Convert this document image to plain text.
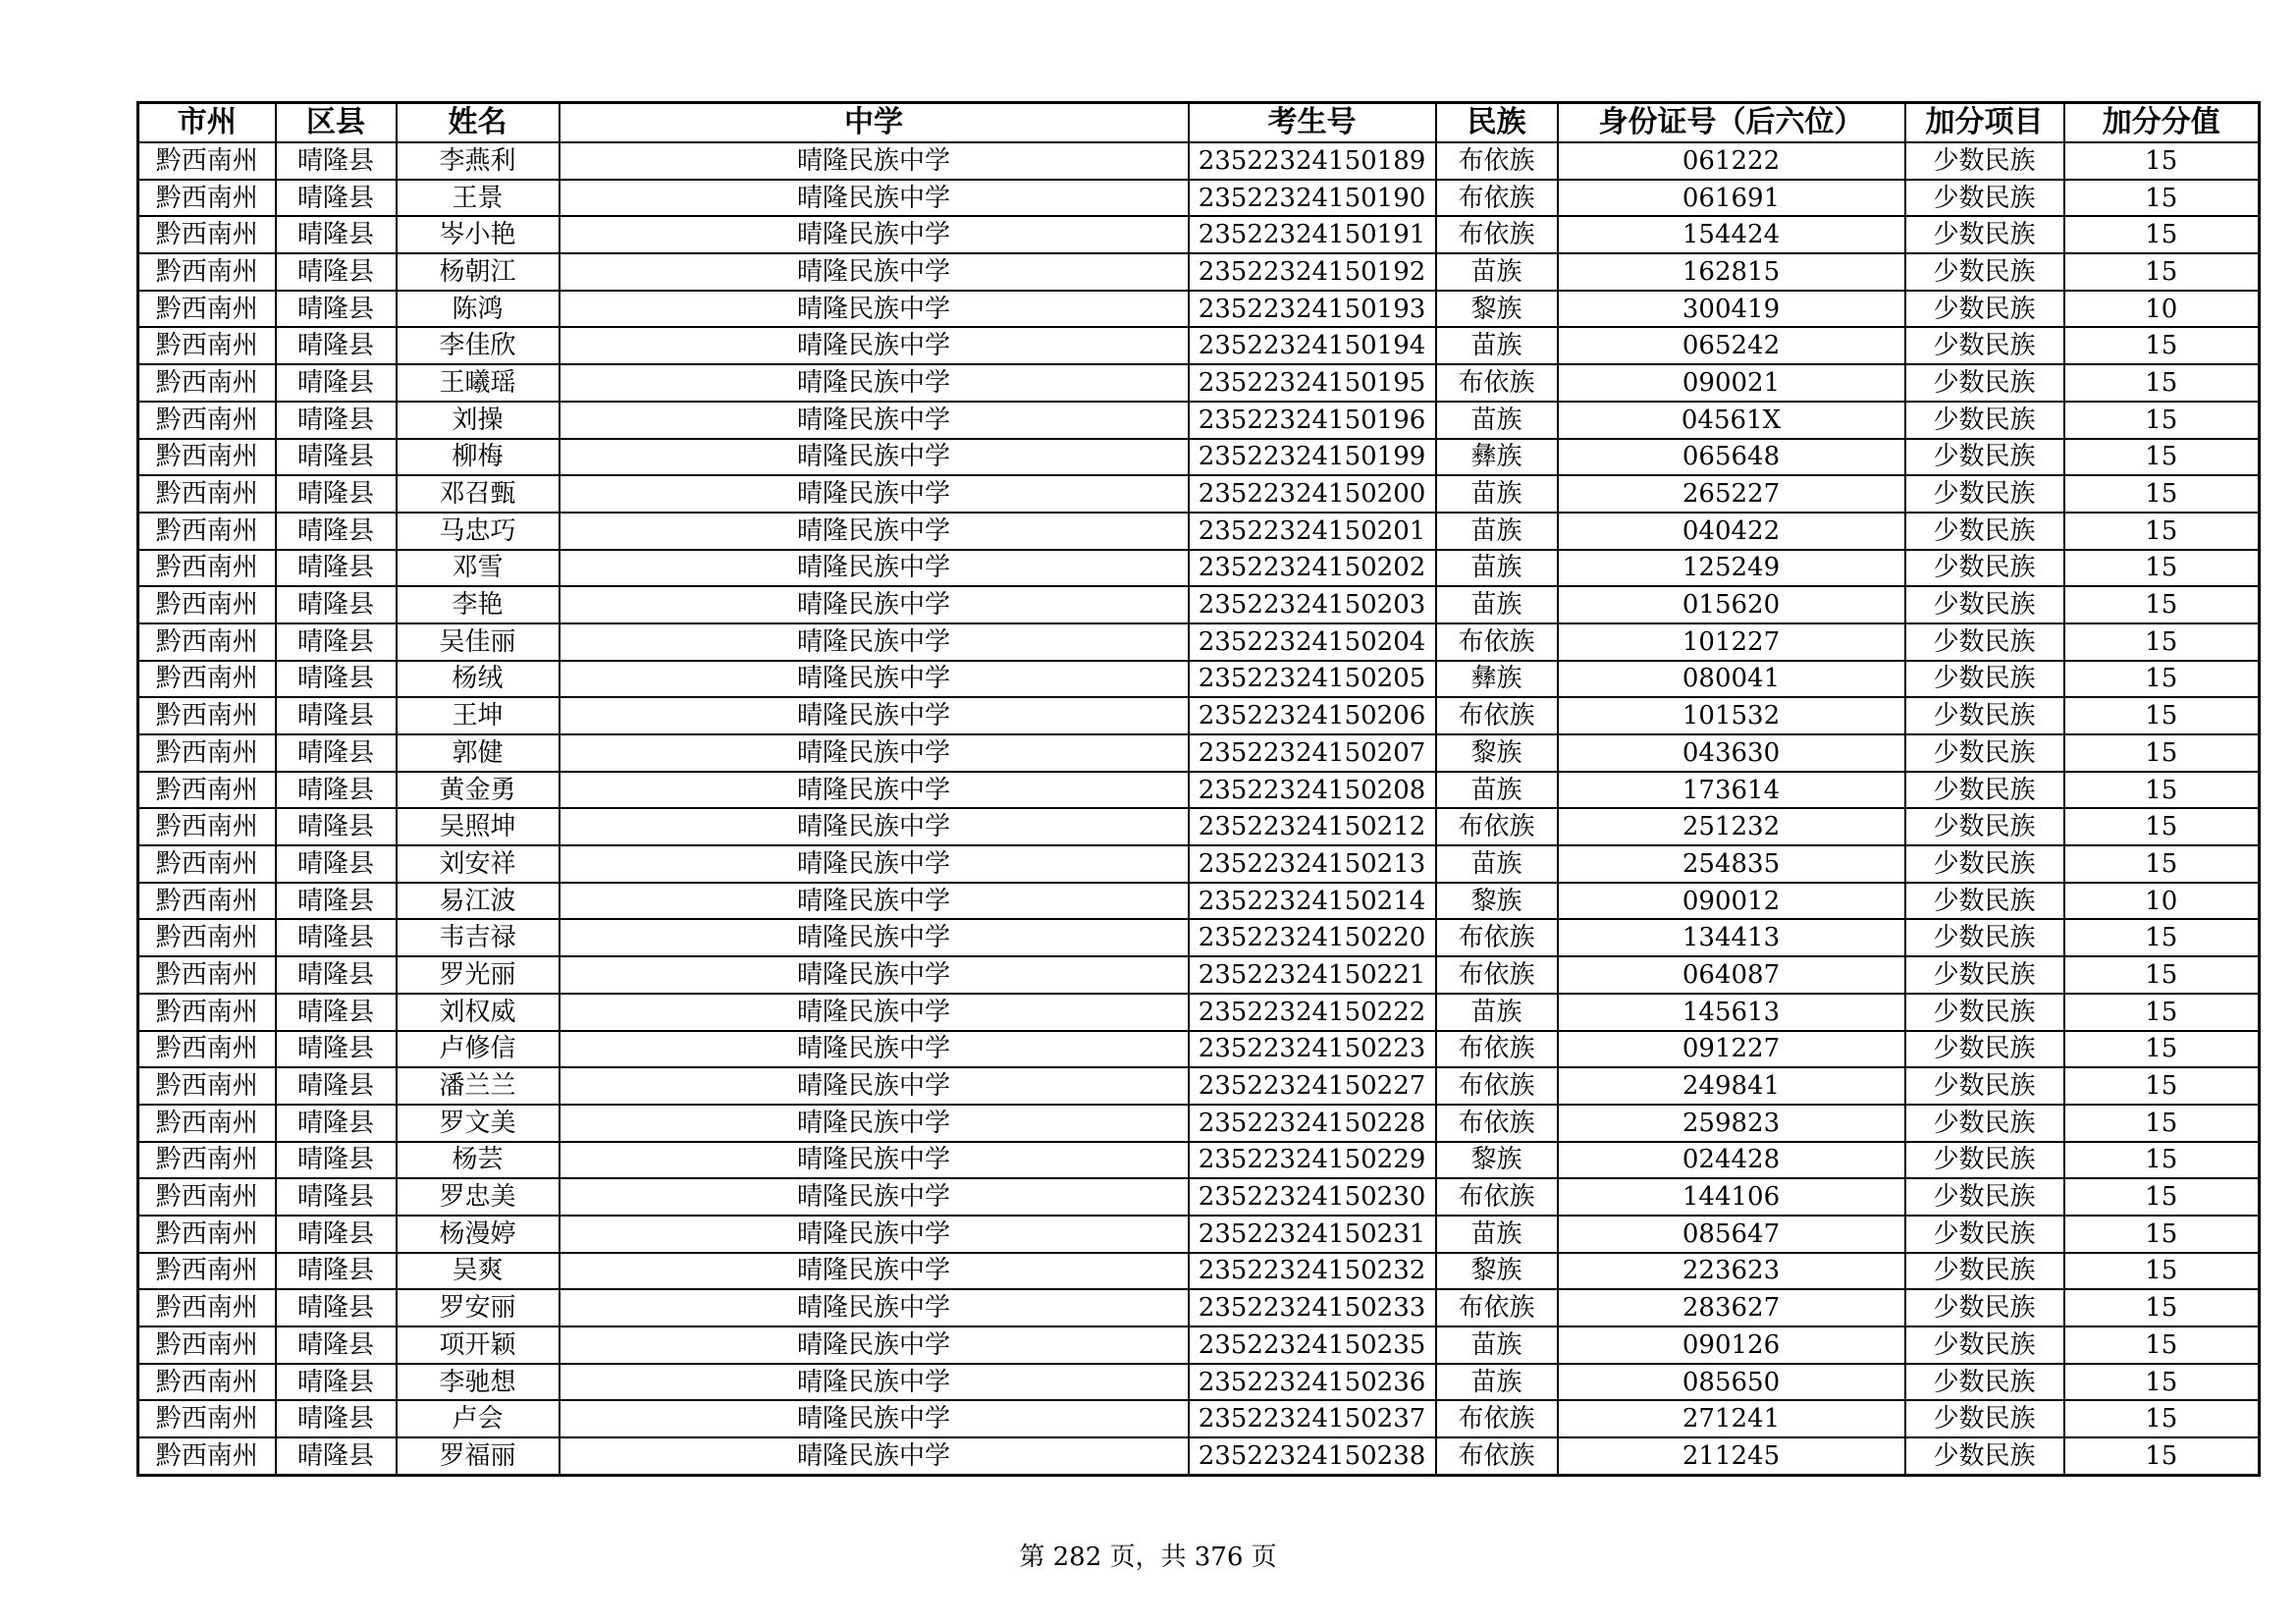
市州	区县	姓名	中学	考生号	民族	身份证号（后六位）	加分项目	加分分值
黔西南州	晴隆县	李燕利	晴隆民族中学	23522324150189	布依族	061222	少数民族	15
黔西南州	晴隆县	王景	晴隆民族中学	23522324150190	布依族	061691	少数民族	15
黔西南州	晴隆县	岑小艳	晴隆民族中学	23522324150191	布依族	154424	少数民族	15
黔西南州	晴隆县	杨朝江	晴隆民族中学	23522324150192	苗族	162815	少数民族	15
黔西南州	晴隆县	陈鸿	晴隆民族中学	23522324150193	黎族	300419	少数民族	10
黔西南州	晴隆县	李佳欣	晴隆民族中学	23522324150194	苗族	065242	少数民族	15
黔西南州	晴隆县	王曦瑶	晴隆民族中学	23522324150195	布依族	090021	少数民族	15
黔西南州	晴隆县	刘操	晴隆民族中学	23522324150196	苗族	04561X	少数民族	15
黔西南州	晴隆县	柳梅	晴隆民族中学	23522324150199	彝族	065648	少数民族	15
黔西南州	晴隆县	邓召甄	晴隆民族中学	23522324150200	苗族	265227	少数民族	15
黔西南州	晴隆县	马忠巧	晴隆民族中学	23522324150201	苗族	040422	少数民族	15
黔西南州	晴隆县	邓雪	晴隆民族中学	23522324150202	苗族	125249	少数民族	15
黔西南州	晴隆县	李艳	晴隆民族中学	23522324150203	苗族	015620	少数民族	15
黔西南州	晴隆县	吴佳丽	晴隆民族中学	23522324150204	布依族	101227	少数民族	15
黔西南州	晴隆县	杨绒	晴隆民族中学	23522324150205	彝族	080041	少数民族	15
黔西南州	晴隆县	王坤	晴隆民族中学	23522324150206	布依族	101532	少数民族	15
黔西南州	晴隆县	郭健	晴隆民族中学	23522324150207	黎族	043630	少数民族	15
黔西南州	晴隆县	黄金勇	晴隆民族中学	23522324150208	苗族	173614	少数民族	15
黔西南州	晴隆县	吴照坤	晴隆民族中学	23522324150212	布依族	251232	少数民族	15
黔西南州	晴隆县	刘安祥	晴隆民族中学	23522324150213	苗族	254835	少数民族	15
黔西南州	晴隆县	易江波	晴隆民族中学	23522324150214	黎族	090012	少数民族	10
黔西南州	晴隆县	韦吉禄	晴隆民族中学	23522324150220	布依族	134413	少数民族	15
黔西南州	晴隆县	罗光丽	晴隆民族中学	23522324150221	布依族	064087	少数民族	15
黔西南州	晴隆县	刘权威	晴隆民族中学	23522324150222	苗族	145613	少数民族	15
黔西南州	晴隆县	卢修信	晴隆民族中学	23522324150223	布依族	091227	少数民族	15
黔西南州	晴隆县	潘兰兰	晴隆民族中学	23522324150227	布依族	249841	少数民族	15
黔西南州	晴隆县	罗文美	晴隆民族中学	23522324150228	布依族	259823	少数民族	15
黔西南州	晴隆县	杨芸	晴隆民族中学	23522324150229	黎族	024428	少数民族	15
黔西南州	晴隆县	罗忠美	晴隆民族中学	23522324150230	布依族	144106	少数民族	15
黔西南州	晴隆县	杨漫婷	晴隆民族中学	23522324150231	苗族	085647	少数民族	15
黔西南州	晴隆县	吴爽	晴隆民族中学	23522324150232	黎族	223623	少数民族	15
黔西南州	晴隆县	罗安丽	晴隆民族中学	23522324150233	布依族	283627	少数民族	15
黔西南州	晴隆县	项开颖	晴隆民族中学	23522324150235	苗族	090126	少数民族	15
黔西南州	晴隆县	李驰想	晴隆民族中学	23522324150236	苗族	085650	少数民族	15
黔西南州	晴隆县	卢会	晴隆民族中学	23522324150237	布依族	271241	少数民族	15
黔西南州	晴隆县	罗福丽	晴隆民族中学	23522324150238	布依族	211245	少数民族	15
第 282 页，共 376 页
